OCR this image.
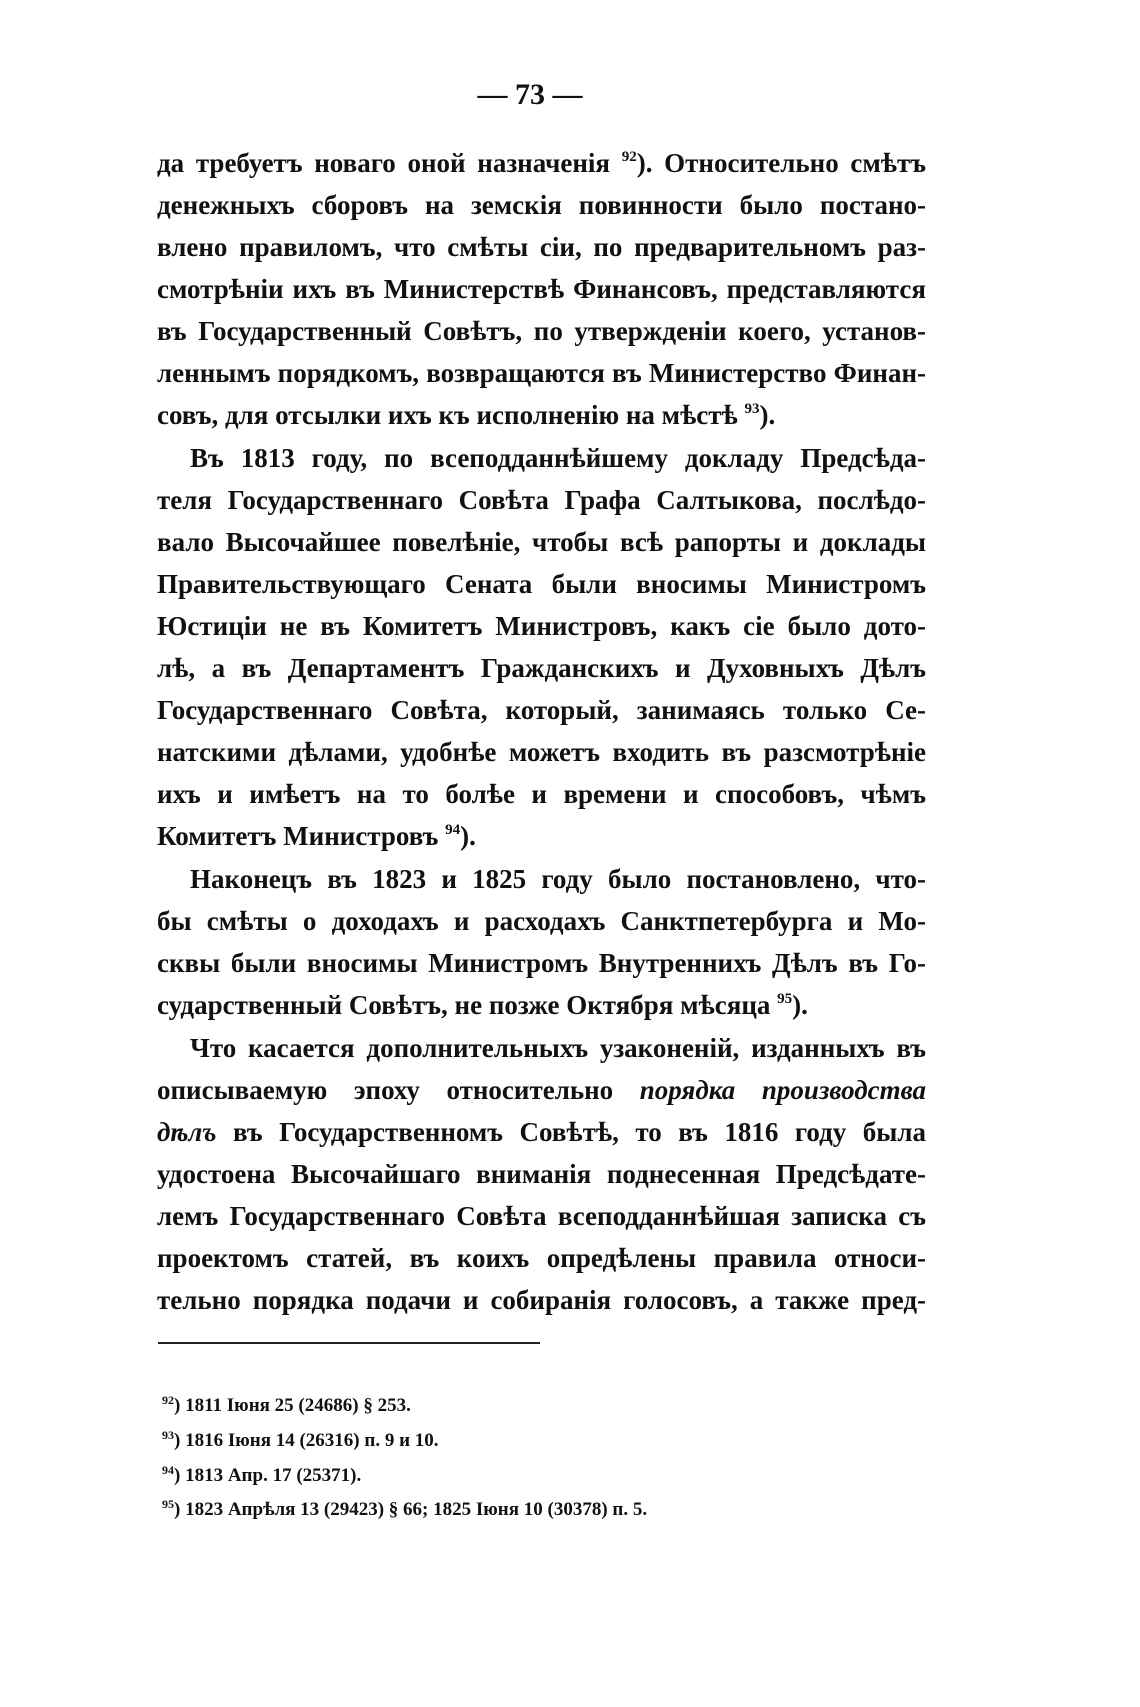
— 73 —
да требуетъ новаго оной назначенія $^{92}$). Относительно смѣтъ
денежныхъ сборовъ на земскія повинности было постано-
влено правиломъ, что смѣты сіи, по предварительномъ раз-
смотрѣніи ихъ въ Министерствѣ Финансовъ, представляются
въ Государственный Совѣтъ, по утвержденіи коего, установ-
леннымъ порядкомъ, возвращаются въ Министерство Финан-
совъ, для отсылки ихъ къ исполненію на мѣстѣ $^{93}$).
Въ 1813 году, по всеподданнѣйшему докладу Предсѣда-
теля Государственнаго Совѣта Графа Салтыкова, послѣдо-
вало Высочайшее повелѣніе, чтобы всѣ рапорты и доклады
Правительствующаго Сената были вносимы Министромъ
Юстиціи не въ Комитетъ Министровъ, какъ сіе было дото-
лѣ, а въ Департаментъ Гражданскихъ и Духовныхъ Дѣлъ
Государственнаго Совѣта, который, занимаясь только Се-
натскими дѣлами, удобнѣе можетъ входить въ разсмотрѣніе
ихъ и имѣетъ на то болѣе и времени и способовъ, чѣмъ
Комитетъ Министровъ $^{94}$).
Наконецъ въ 1823 и 1825 году было постановлено, что-
бы смѣты о доходахъ и расходахъ Санктпетербурга и Мо-
сквы были вносимы Министромъ Внутреннихъ Дѣлъ въ Го-
сударственный Совѣтъ, не позже Октября мѣсяца $^{95}$).
Что касается дополнительныхъ узаконеній, изданныхъ въ
описываемую эпоху относительно порядка производства
дѣлъ въ Государственномъ Совѣтѣ, то въ 1816 году была
удостоена Высочайшаго вниманія поднесенная Предсѣдате-
лемъ Государственнаго Совѣта всеподданнѣйшая записка съ
проектомъ статей, въ коихъ опредѣлены правила относи-
тельно порядка подачи и собиранія голосовъ, а также пред-
$^{92}$) 1811 Іюня 25 (24686) § 253.
$^{93}$) 1816 Іюня 14 (26316) п. 9 и 10.
$^{94}$) 1813 Апр. 17 (25371).
$^{95}$) 1823 Апрѣля 13 (29423) § 66; 1825 Іюня 10 (30378) п. 5.
